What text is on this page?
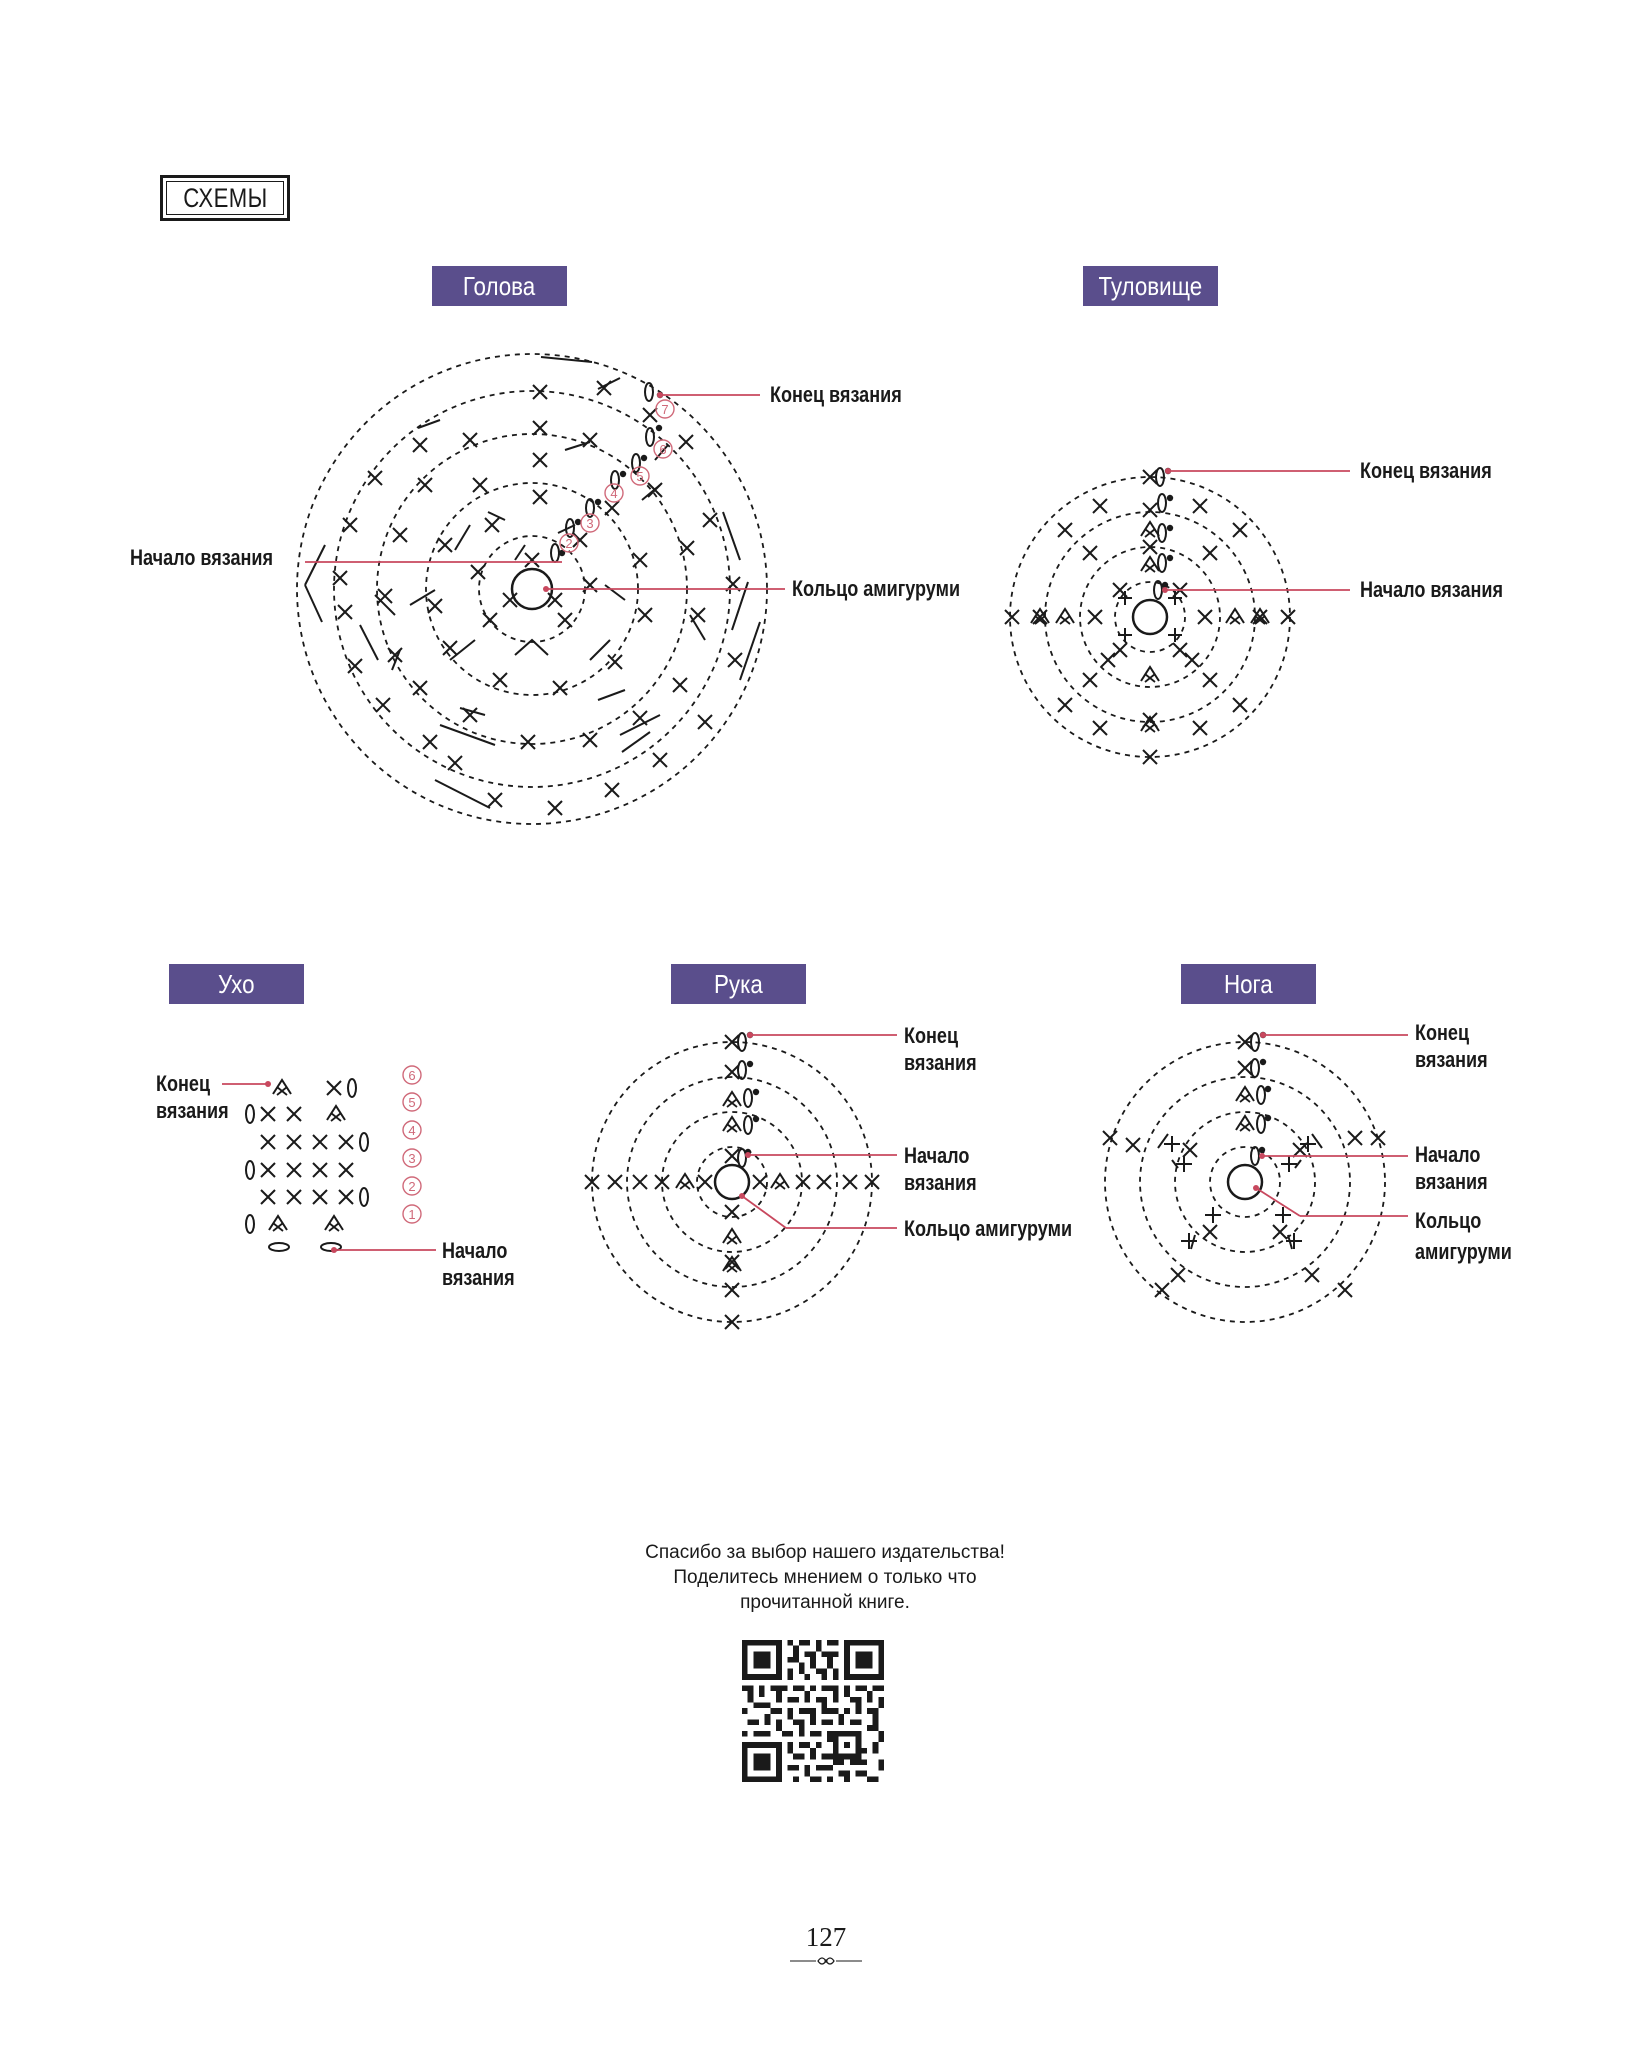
СХЕМЫ
Голова	Туловище
Ухо	Рука	Нога
2
3
4
5
6
7
6
5
4
3
2
1
Конец вязания
Начало вязания
Кольцо амигуруми
Конец вязания
Начало вязания
Конец
вязания
Начало
вязания
Конец
вязания
Начало
вязания
Кольцо амигуруми
Конец
вязания
Начало
вязания
Кольцо
амигуруми
Спасибо за выбор нашего издательства!
Поделитесь мнением о только что
прочитанной книге.
127
